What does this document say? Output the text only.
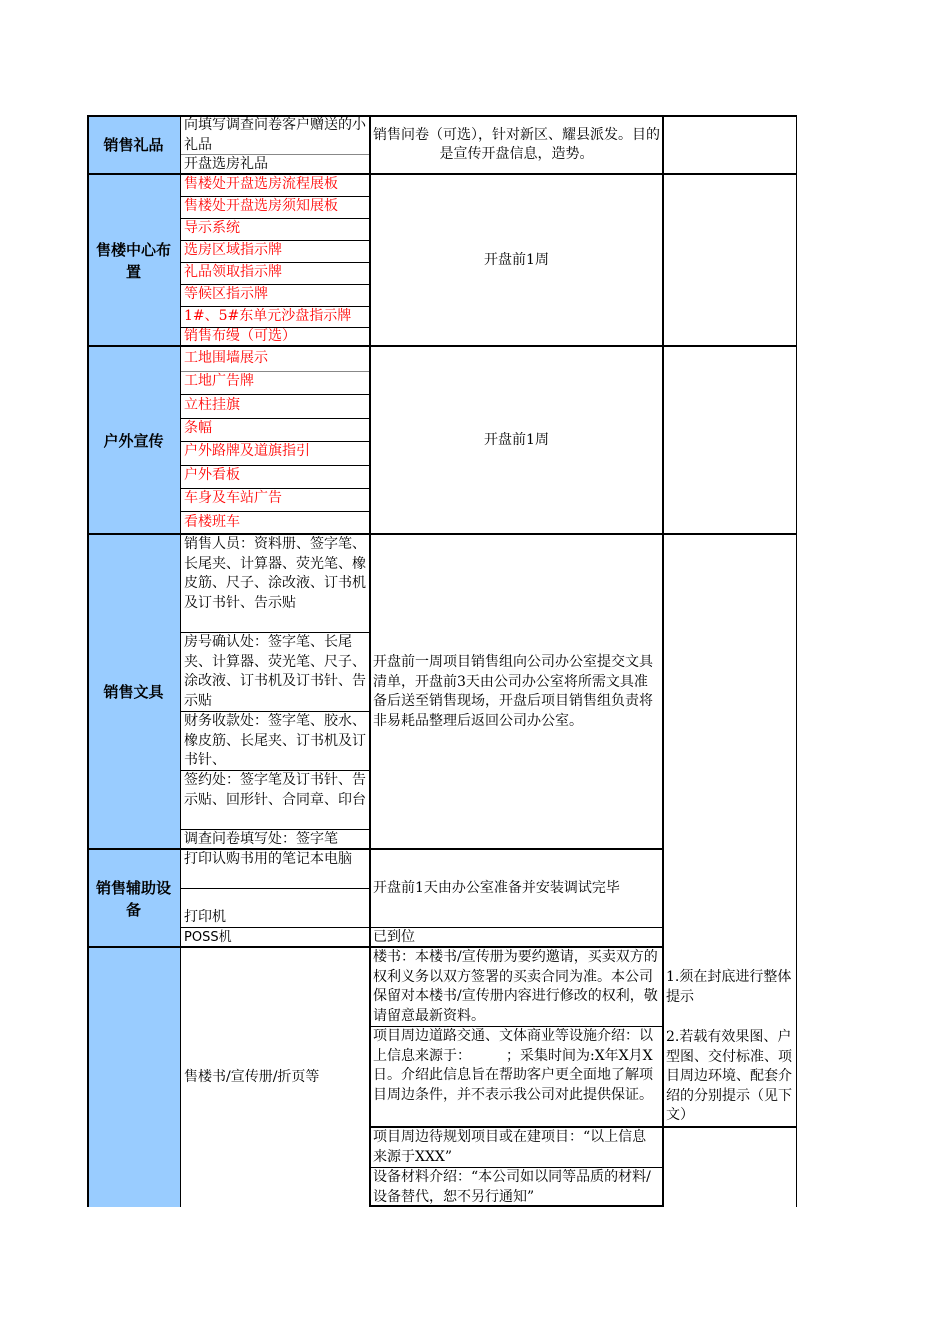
销售礼品
向填写调查问卷客户赠送的小礼品
开盘选房礼品
销售问卷（可选），针对新区、耀县派发。目的是宣传开盘信息，造势。
售楼中心布置
售楼处开盘选房流程展板
售楼处开盘选房须知展板
导示系统
选房区域指示牌
礼品领取指示牌
等候区指示牌
1#、5#东单元沙盘指示牌
销售布缦（可选）
开盘前1周
户外宣传
工地围墙展示
工地广告牌
立柱挂旗
条幅
户外路牌及道旗指引
户外看板
车身及车站广告
看楼班车
开盘前1周
销售文具
销售人员：资料册、签字笔、长尾夹、计算器、荧光笔、橡皮筋、尺子、涂改液、订书机及订书针、告示贴
房号确认处：签字笔、长尾夹、计算器、荧光笔、尺子、涂改液、订书机及订书针、告示贴
财务收款处：签字笔、胶水、橡皮筋、长尾夹、订书机及订书针、
签约处：签字笔及订书针、告示贴、回形针、合同章、印台
调查问卷填写处：签字笔
开盘前一周项目销售组向公司办公室提交文具清单，开盘前3天由公司办公室将所需文具准备后送至销售现场，开盘后项目销售组负责将非易耗品整理后返回公司办公室。
销售辅助设备
打印认购书用的笔记本电脑
打印机
POSS机
开盘前1天由办公室准备并安装调试完毕
已到位
售楼书/宣传册/折页等
楼书：本楼书/宣传册为要约邀请，买卖双方的权利义务以双方签署的买卖合同为准。本公司保留对本楼书/宣传册内容进行修改的权利，敬请留意最新资料。
项目周边道路交通、文体商业等设施介绍：以上信息来源于：　　　；采集时间为:X年X月X日。介绍此信息旨在帮助客户更全面地了解项目周边条件，并不表示我公司对此提供保证。
项目周边待规划项目或在建项目：“以上信息来源于XXX”
设备材料介绍：“本公司如以同等品质的材料/设备替代，恕不另行通知”
1.须在封底进行整体提示
2.若载有效果图、户型图、交付标准、项目周边环境、配套介绍的分别提示（见下文）
